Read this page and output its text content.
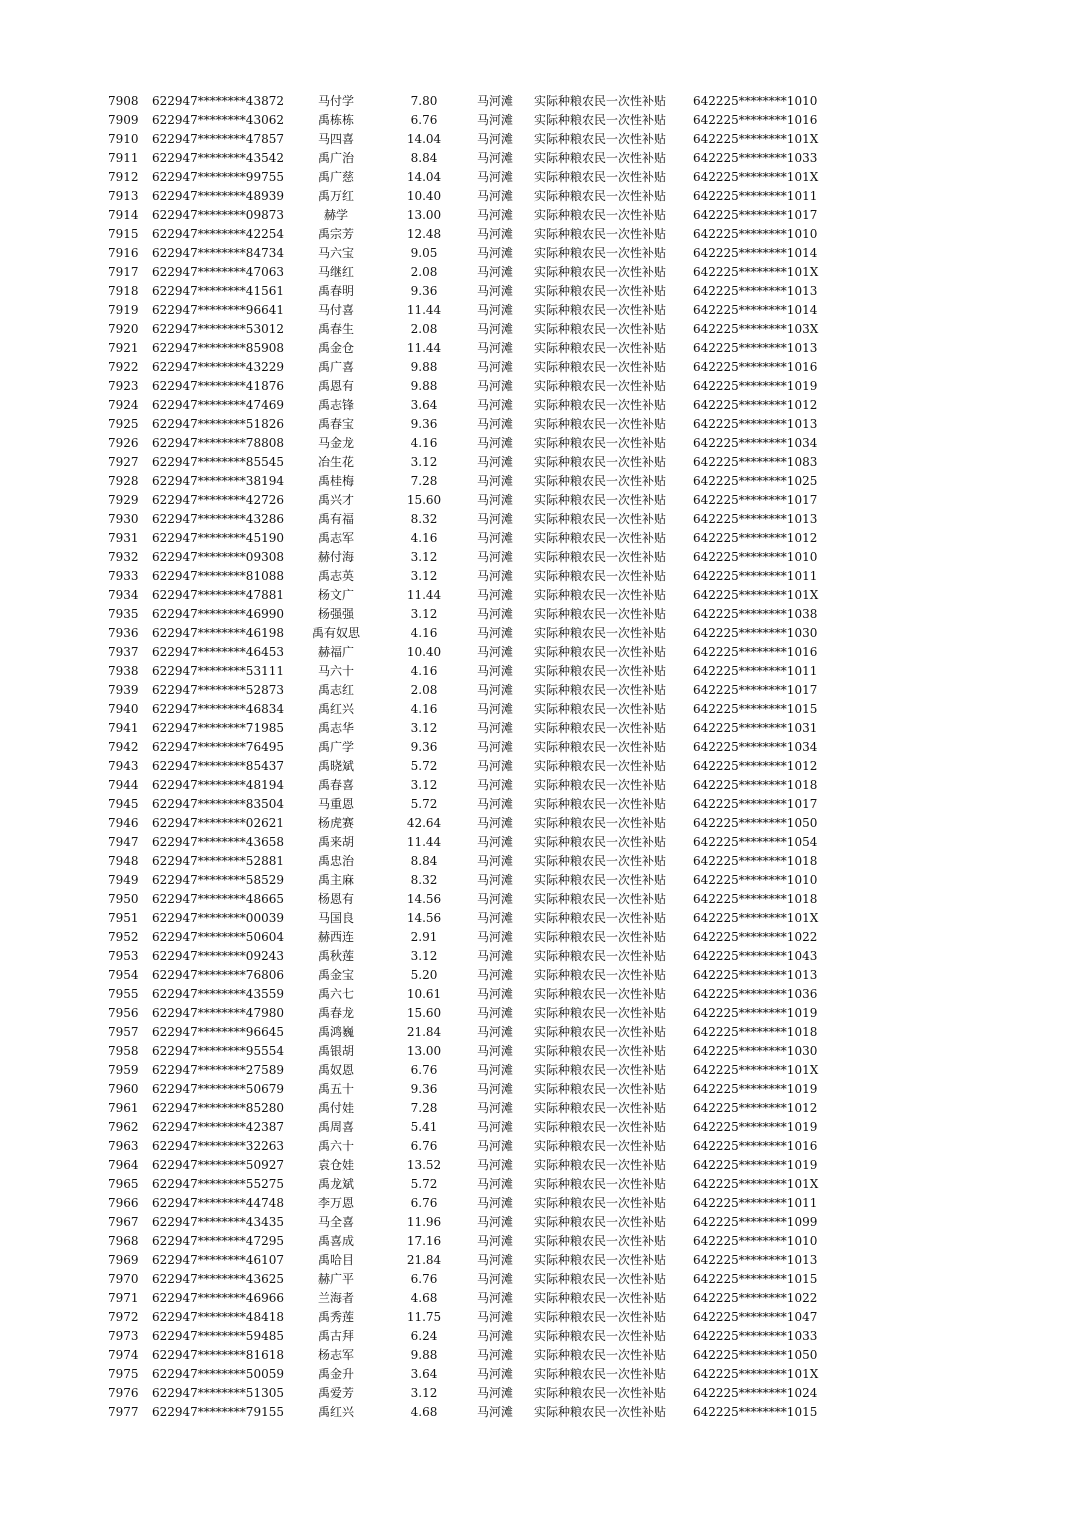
7908	622947********43872	马付学	7.80	马河滩	实际种粮农民一次性补贴	642225********1010
7909	622947********43062	禹栋栋	6.76	马河滩	实际种粮农民一次性补贴	642225********1016
7910	622947********47857	马四喜	14.04	马河滩	实际种粮农民一次性补贴	642225********101X
7911	622947********43542	禹广治	8.84	马河滩	实际种粮农民一次性补贴	642225********1033
7912	622947********99755	禹广慈	14.04	马河滩	实际种粮农民一次性补贴	642225********101X
7913	622947********48939	禹万红	10.40	马河滩	实际种粮农民一次性补贴	642225********1011
7914	622947********09873	赫学	13.00	马河滩	实际种粮农民一次性补贴	642225********1017
7915	622947********42254	禹宗芳	12.48	马河滩	实际种粮农民一次性补贴	642225********1010
7916	622947********84734	马六宝	9.05	马河滩	实际种粮农民一次性补贴	642225********1014
7917	622947********47063	马继红	2.08	马河滩	实际种粮农民一次性补贴	642225********101X
7918	622947********41561	禹春明	9.36	马河滩	实际种粮农民一次性补贴	642225********1013
7919	622947********96641	马付喜	11.44	马河滩	实际种粮农民一次性补贴	642225********1014
7920	622947********53012	禹春生	2.08	马河滩	实际种粮农民一次性补贴	642225********103X
7921	622947********85908	禹金仓	11.44	马河滩	实际种粮农民一次性补贴	642225********1013
7922	622947********43229	禹广喜	9.88	马河滩	实际种粮农民一次性补贴	642225********1016
7923	622947********41876	禹恩有	9.88	马河滩	实际种粮农民一次性补贴	642225********1019
7924	622947********47469	禹志锋	3.64	马河滩	实际种粮农民一次性补贴	642225********1012
7925	622947********51826	禹春宝	9.36	马河滩	实际种粮农民一次性补贴	642225********1013
7926	622947********78808	马金龙	4.16	马河滩	实际种粮农民一次性补贴	642225********1034
7927	622947********85545	冶生花	3.12	马河滩	实际种粮农民一次性补贴	642225********1083
7928	622947********38194	禹桂梅	7.28	马河滩	实际种粮农民一次性补贴	642225********1025
7929	622947********42726	禹兴才	15.60	马河滩	实际种粮农民一次性补贴	642225********1017
7930	622947********43286	禹有福	8.32	马河滩	实际种粮农民一次性补贴	642225********1013
7931	622947********45190	禹志军	4.16	马河滩	实际种粮农民一次性补贴	642225********1012
7932	622947********09308	赫付海	3.12	马河滩	实际种粮农民一次性补贴	642225********1010
7933	622947********81088	禹志英	3.12	马河滩	实际种粮农民一次性补贴	642225********1011
7934	622947********47881	杨文广	11.44	马河滩	实际种粮农民一次性补贴	642225********101X
7935	622947********46990	杨强强	3.12	马河滩	实际种粮农民一次性补贴	642225********1038
7936	622947********46198	禹有奴思	4.16	马河滩	实际种粮农民一次性补贴	642225********1030
7937	622947********46453	赫福广	10.40	马河滩	实际种粮农民一次性补贴	642225********1016
7938	622947********53111	马六十	4.16	马河滩	实际种粮农民一次性补贴	642225********1011
7939	622947********52873	禹志红	2.08	马河滩	实际种粮农民一次性补贴	642225********1017
7940	622947********46834	禹红兴	4.16	马河滩	实际种粮农民一次性补贴	642225********1015
7941	622947********71985	禹志华	3.12	马河滩	实际种粮农民一次性补贴	642225********1031
7942	622947********76495	禹广学	9.36	马河滩	实际种粮农民一次性补贴	642225********1034
7943	622947********85437	禹晓斌	5.72	马河滩	实际种粮农民一次性补贴	642225********1012
7944	622947********48194	禹春喜	3.12	马河滩	实际种粮农民一次性补贴	642225********1018
7945	622947********83504	马重恩	5.72	马河滩	实际种粮农民一次性补贴	642225********1017
7946	622947********02621	杨虎赛	42.64	马河滩	实际种粮农民一次性补贴	642225********1050
7947	622947********43658	禹来胡	11.44	马河滩	实际种粮农民一次性补贴	642225********1054
7948	622947********52881	禹忠治	8.84	马河滩	实际种粮农民一次性补贴	642225********1018
7949	622947********58529	禹主麻	8.32	马河滩	实际种粮农民一次性补贴	642225********1010
7950	622947********48665	杨恩有	14.56	马河滩	实际种粮农民一次性补贴	642225********1018
7951	622947********00039	马国良	14.56	马河滩	实际种粮农民一次性补贴	642225********101X
7952	622947********50604	赫西连	2.91	马河滩	实际种粮农民一次性补贴	642225********1022
7953	622947********09243	禹秋莲	3.12	马河滩	实际种粮农民一次性补贴	642225********1043
7954	622947********76806	禹金宝	5.20	马河滩	实际种粮农民一次性补贴	642225********1013
7955	622947********43559	禹六七	10.61	马河滩	实际种粮农民一次性补贴	642225********1036
7956	622947********47980	禹春龙	15.60	马河滩	实际种粮农民一次性补贴	642225********1019
7957	622947********96645	禹鸿巍	21.84	马河滩	实际种粮农民一次性补贴	642225********1018
7958	622947********95554	禹银胡	13.00	马河滩	实际种粮农民一次性补贴	642225********1030
7959	622947********27589	禹奴恩	6.76	马河滩	实际种粮农民一次性补贴	642225********101X
7960	622947********50679	禹五十	9.36	马河滩	实际种粮农民一次性补贴	642225********1019
7961	622947********85280	禹付娃	7.28	马河滩	实际种粮农民一次性补贴	642225********1012
7962	622947********42387	禹周喜	5.41	马河滩	实际种粮农民一次性补贴	642225********1019
7963	622947********32263	禹六十	6.76	马河滩	实际种粮农民一次性补贴	642225********1016
7964	622947********50927	袁仓娃	13.52	马河滩	实际种粮农民一次性补贴	642225********1019
7965	622947********55275	禹龙斌	5.72	马河滩	实际种粮农民一次性补贴	642225********101X
7966	622947********44748	李万恩	6.76	马河滩	实际种粮农民一次性补贴	642225********1011
7967	622947********43435	马全喜	11.96	马河滩	实际种粮农民一次性补贴	642225********1099
7968	622947********47295	禹喜成	17.16	马河滩	实际种粮农民一次性补贴	642225********1010
7969	622947********46107	禹哈目	21.84	马河滩	实际种粮农民一次性补贴	642225********1013
7970	622947********43625	赫广平	6.76	马河滩	实际种粮农民一次性补贴	642225********1015
7971	622947********46966	兰海者	4.68	马河滩	实际种粮农民一次性补贴	642225********1022
7972	622947********48418	禹秀莲	11.75	马河滩	实际种粮农民一次性补贴	642225********1047
7973	622947********59485	禹古拜	6.24	马河滩	实际种粮农民一次性补贴	642225********1033
7974	622947********81618	杨志军	9.88	马河滩	实际种粮农民一次性补贴	642225********1050
7975	622947********50059	禹金升	3.64	马河滩	实际种粮农民一次性补贴	642225********101X
7976	622947********51305	禹爱芳	3.12	马河滩	实际种粮农民一次性补贴	642225********1024
7977	622947********79155	禹红兴	4.68	马河滩	实际种粮农民一次性补贴	642225********1015
